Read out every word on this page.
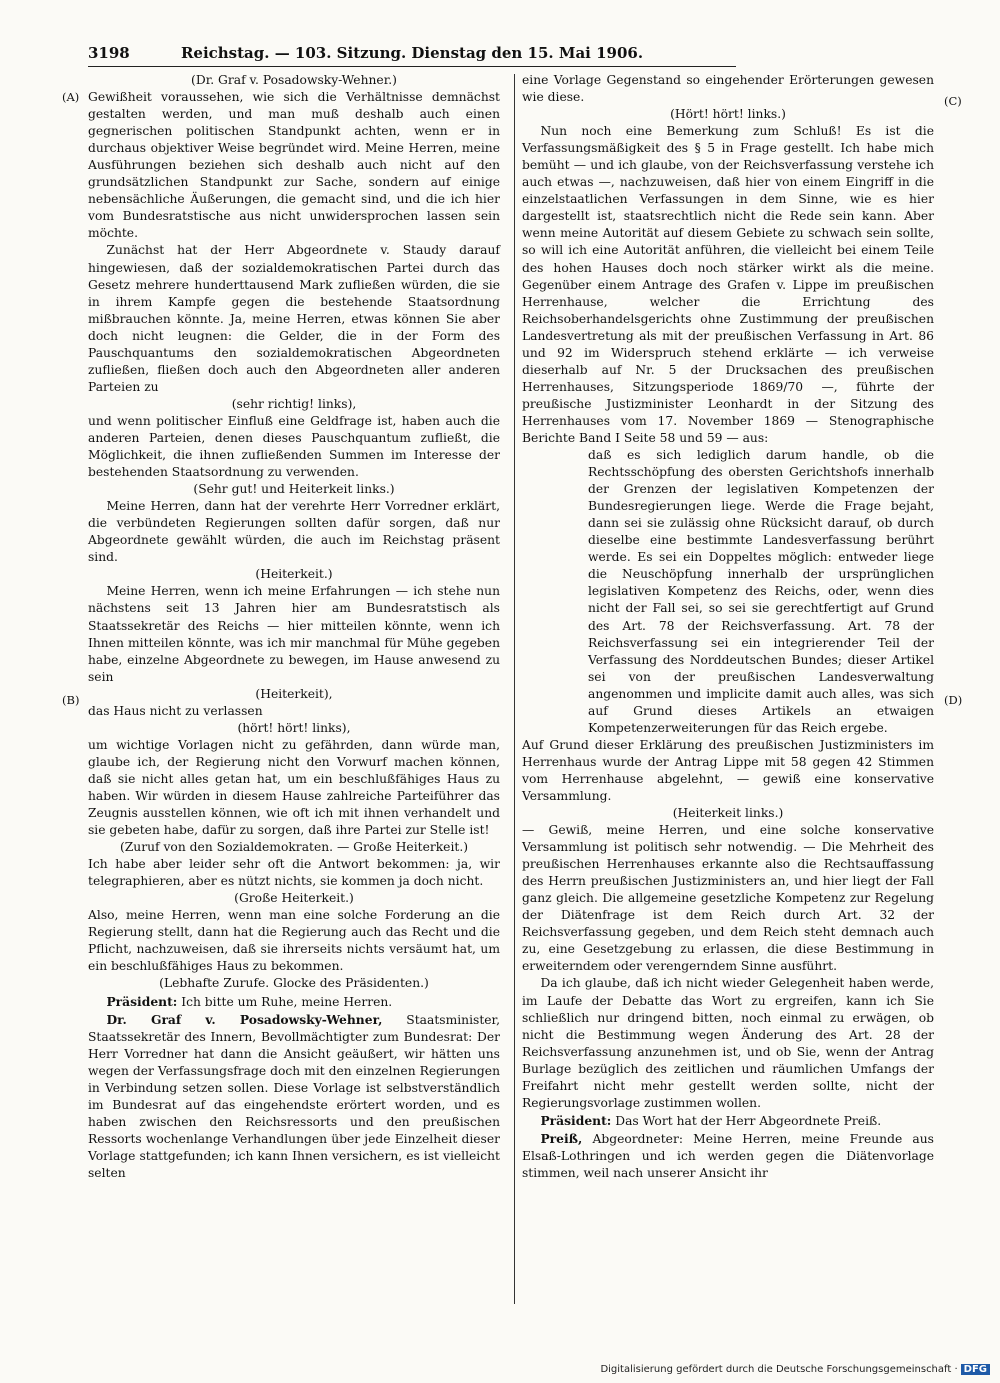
3198	Reichstag. — 103. Sitzung. Dienstag den 15. Mai 1906.
(A)
(B)
(C)
(D)

(Dr. Graf v. Posadowsky-Wehner.)

Gewißheit voraussehen, wie sich die Verhältnisse demnächst gestalten werden, und man muß deshalb auch einen gegnerischen politischen Standpunkt achten, wenn er in durchaus objektiver Weise begründet wird. Meine Herren, meine Ausführungen beziehen sich deshalb auch nicht auf den grundsätzlichen Standpunkt zur Sache, sondern auf einige nebensächliche Äußerungen, die gemacht sind, und die ich hier vom Bundesratstische aus nicht unwidersprochen lassen sein möchte.

Zunächst hat der Herr Abgeordnete v. Staudy darauf hingewiesen, daß der sozialdemokratischen Partei durch das Gesetz mehrere hunderttausend Mark zufließen würden, die sie in ihrem Kampfe gegen die bestehende Staatsordnung mißbrauchen könnte. Ja, meine Herren, etwas können Sie aber doch nicht leugnen: die Gelder, die in der Form des Pauschquantums den sozialdemokratischen Abgeordneten zufließen, fließen doch auch den Abgeordneten aller anderen Parteien zu

(sehr richtig! links),

und wenn politischer Einfluß eine Geldfrage ist, haben auch die anderen Parteien, denen dieses Pauschquantum zufließt, die Möglichkeit, die ihnen zufließenden Summen im Interesse der bestehenden Staatsordnung zu verwenden.

(Sehr gut! und Heiterkeit links.)

Meine Herren, dann hat der verehrte Herr Vorredner erklärt, die verbündeten Regierungen sollten dafür sorgen, daß nur Abgeordnete gewählt würden, die auch im Reichstag präsent sind.

(Heiterkeit.)

Meine Herren, wenn ich meine Erfahrungen — ich stehe nun nächstens seit 13 Jahren hier am Bundesratstisch als Staatssekretär des Reichs — hier mitteilen könnte, wenn ich Ihnen mitteilen könnte, was ich mir manchmal für Mühe gegeben habe, einzelne Abgeordnete zu bewegen, im Hause anwesend zu sein

(Heiterkeit),

das Haus nicht zu verlassen

(hört! hört! links),

um wichtige Vorlagen nicht zu gefährden, dann würde man, glaube ich, der Regierung nicht den Vorwurf machen können, daß sie nicht alles getan hat, um ein beschlußfähiges Haus zu haben. Wir würden in diesem Hause zahlreiche Parteiführer das Zeugnis ausstellen können, wie oft ich mit ihnen verhandelt und sie gebeten habe, dafür zu sorgen, daß ihre Partei zur Stelle ist!

(Zuruf von den Sozialdemokraten. — Große Heiterkeit.)

Ich habe aber leider sehr oft die Antwort bekommen: ja, wir telegraphieren, aber es nützt nichts, sie kommen ja doch nicht.

(Große Heiterkeit.)

Also, meine Herren, wenn man eine solche Forderung an die Regierung stellt, dann hat die Regierung auch das Recht und die Pflicht, nachzuweisen, daß sie ihrerseits nichts versäumt hat, um ein beschlußfähiges Haus zu bekommen.

(Lebhafte Zurufe. Glocke des Präsidenten.)

Präsident: Ich bitte um Ruhe, meine Herren.

Dr. Graf v. Posadowsky-Wehner, Staatsminister, Staatssekretär des Innern, Bevollmächtigter zum Bundesrat: Der Herr Vorredner hat dann die Ansicht geäußert, wir hätten uns wegen der Verfassungsfrage doch mit den einzelnen Regierungen in Verbindung setzen sollen. Diese Vorlage ist selbstverständlich im Bundesrat auf das eingehendste erörtert worden, und es haben zwischen den Reichsressorts und den preußischen Ressorts wochenlange Verhandlungen über jede Einzelheit dieser Vorlage stattgefunden; ich kann Ihnen versichern, es ist vielleicht selten

eine Vorlage Gegenstand so eingehender Erörterungen gewesen wie diese.

(Hört! hört! links.)

Nun noch eine Bemerkung zum Schluß! Es ist die Verfassungsmäßigkeit des § 5 in Frage gestellt. Ich habe mich bemüht — und ich glaube, von der Reichsverfassung verstehe ich auch etwas —, nachzuweisen, daß hier von einem Eingriff in die einzelstaatlichen Verfassungen in dem Sinne, wie es hier dargestellt ist, staatsrechtlich nicht die Rede sein kann. Aber wenn meine Autorität auf diesem Gebiete zu schwach sein sollte, so will ich eine Autorität anführen, die vielleicht bei einem Teile des hohen Hauses doch noch stärker wirkt als die meine. Gegenüber einem Antrage des Grafen v. Lippe im preußischen Herrenhause, welcher die Errichtung des Reichsoberhandelsgerichts ohne Zustimmung der preußischen Landesvertretung als mit der preußischen Verfassung in Art. 86 und 92 im Widerspruch stehend erklärte — ich verweise dieserhalb auf Nr. 5 der Drucksachen des preußischen Herrenhauses, Sitzungsperiode 1869/70 —, führte der preußische Justizminister Leonhardt in der Sitzung des Herrenhauses vom 17. November 1869 — Stenographische Berichte Band I Seite 58 und 59 — aus:

daß es sich lediglich darum handle, ob die Rechtsschöpfung des obersten Gerichtshofs innerhalb der Grenzen der legislativen Kompetenzen der Bundesregierungen liege. Werde die Frage bejaht, dann sei sie zulässig ohne Rücksicht darauf, ob durch dieselbe eine bestimmte Landesverfassung berührt werde. Es sei ein Doppeltes möglich: entweder liege die Neuschöpfung innerhalb der ursprünglichen legislativen Kompetenz des Reichs, oder, wenn dies nicht der Fall sei, so sei sie gerechtfertigt auf Grund des Art. 78 der Reichsverfassung. Art. 78 der Reichsverfassung sei ein integrierender Teil der Verfassung des Norddeutschen Bundes; dieser Artikel sei von der preußischen Landesverwaltung angenommen und implicite damit auch alles, was sich auf Grund dieses Artikels an etwaigen Kompetenzerweiterungen für das Reich ergebe.

Auf Grund dieser Erklärung des preußischen Justizministers im Herrenhaus wurde der Antrag Lippe mit 58 gegen 42 Stimmen vom Herrenhause abgelehnt, — gewiß eine konservative Versammlung.

(Heiterkeit links.)

— Gewiß, meine Herren, und eine solche konservative Versammlung ist politisch sehr notwendig. — Die Mehrheit des preußischen Herrenhauses erkannte also die Rechtsauffassung des Herrn preußischen Justizministers an, und hier liegt der Fall ganz gleich. Die allgemeine gesetzliche Kompetenz zur Regelung der Diätenfrage ist dem Reich durch Art. 32 der Reichsverfassung gegeben, und dem Reich steht demnach auch zu, eine Gesetzgebung zu erlassen, die diese Bestimmung in erweiterndem oder verengerndem Sinne ausführt.

Da ich glaube, daß ich nicht wieder Gelegenheit haben werde, im Laufe der Debatte das Wort zu ergreifen, kann ich Sie schließlich nur dringend bitten, noch einmal zu erwägen, ob nicht die Bestimmung wegen Änderung des Art. 28 der Reichsverfassung anzunehmen ist, und ob Sie, wenn der Antrag Burlage bezüglich des zeitlichen und räumlichen Umfangs der Freifahrt nicht mehr gestellt werden sollte, nicht der Regierungsvorlage zustimmen wollen.

Präsident: Das Wort hat der Herr Abgeordnete Preiß.

Preiß, Abgeordneter: Meine Herren, meine Freunde aus Elsaß-Lothringen und ich werden gegen die Diätenvorlage stimmen, weil nach unserer Ansicht ihr

Digitalisierung gefördert durch die Deutsche Forschungsgemeinschaft · DFG
